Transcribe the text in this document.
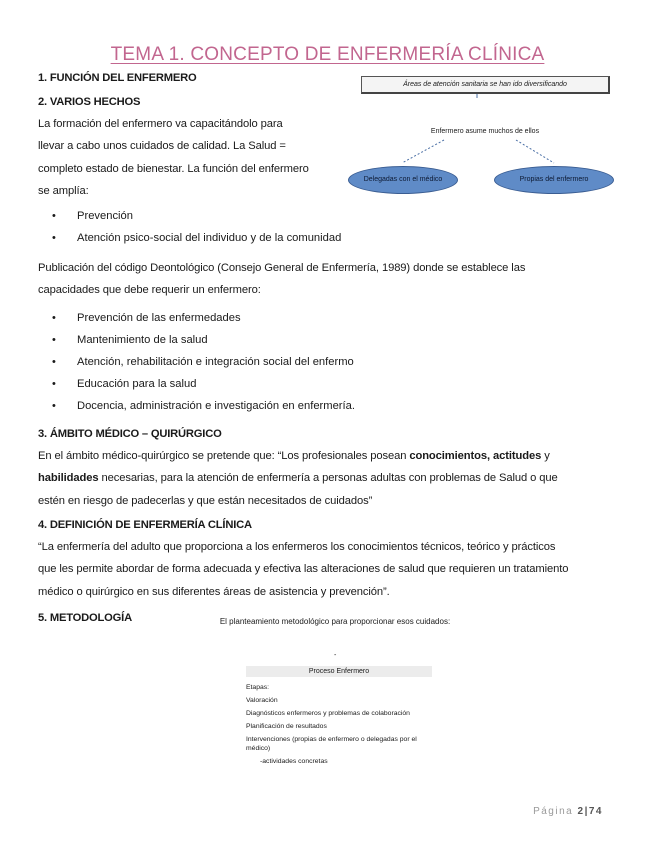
TEMA 1. CONCEPTO DE ENFERMERÍA CLÍNICA
1. FUNCIÓN DEL ENFERMERO
2. VARIOS HECHOS
La formación del enfermero va capacitándolo para
llevar a cabo unos cuidados de calidad. La Salud =
completo estado de bienestar. La función del enfermero
se amplía:
• Prevención
• Atención psico-social del individuo y de la comunidad
Publicación del código Deontológico (Consejo General de Enfermería, 1989) donde se establece las
capacidades que debe requerir un enfermero:
• Prevención de las enfermedades
• Mantenimiento de la salud
• Atención, rehabilitación e integración social del enfermo
• Educación para la salud
• Docencia, administración e investigación en enfermería.
3. ÁMBITO MÉDICO – QUIRÚRGICO
En el ámbito médico-quirúrgico se pretende que: “Los profesionales posean conocimientos, actitudes y
habilidades necesarias, para la atención de enfermería a personas adultas con problemas de Salud o que
estén en riesgo de padecerlas y que están necesitados de cuidados”
4. DEFINICIÓN DE ENFERMERÍA CLÍNICA
“La enfermería del adulto que proporciona a los enfermeros los conocimientos técnicos, teórico y prácticos
que les permite abordar de forma adecuada y efectiva las alteraciones de salud que requieren un tratamiento
médico o quirúrgico en sus diferentes áreas de asistencia y prevención”.
5. METODOLOGÍA
Áreas de atención sanitaria se han ido diversificando
Enfermero asume muchos de ellos
Delegadas con el médico	Propias del enfermero
El planteamiento metodológico para proporcionar esos cuidados:
-
Proceso Enfermero
Etapas:
Valoración
Diagnósticos enfermeros y problemas de colaboración
Planificación de resultados
Intervenciones (propias de enfermero o delegadas por el médico)
-actividades concretas
Página 2|74
